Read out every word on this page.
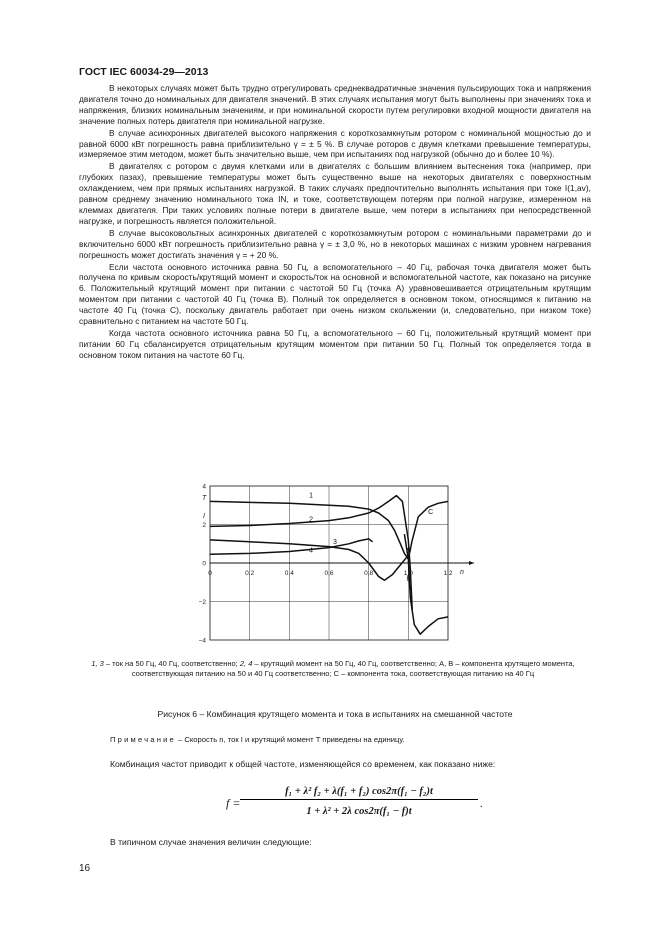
ГОСТ IEC 60034-29—2013

В некоторых случаях может быть трудно отрегулировать среднеквадратичные значения пульсирующих тока и напряжения двигателя точно до номинальных для двигателя значений. В этих случаях испытания могут быть выполнены при значениях тока и напряжения, близких номинальным значениям, и при номинальной скорости путем регулировки входной мощности двигателя на значение полных потерь двигателя при номинальной нагрузке.

В случае асинхронных двигателей высокого напряжения с короткозамкнутым ротором с номинальной мощностью до и равной 6000 кВт погрешность равна приблизительно γ = ± 5 %. В случае роторов с двумя клетками превышение температуры, измеряемое этим методом, может быть значительно выше, чем при испытаниях под нагрузкой (обычно до и более 10 %).

В двигателях с ротором с двумя клетками или в двигателях с большим влиянием вытеснения тока (например, при глубоких пазах), превышение температуры может быть существенно выше на некоторых двигателях с поверхностным охлаждением, чем при прямых испытаниях нагрузкой. В таких случаях предпочтительно выполнять испытания при токе I(1,av), равном среднему значению номинального тока IN, и токе, соответствующем потерям при полной нагрузке, измеренном на клеммах двигателя. При таких условиях полные потери в двигателе выше, чем потери в испытаниях при непосредственной нагрузке, и погрешность является положительной.

В случае высоковольтных асинхронных двигателей с короткозамкнутым ротором с номинальными параметрами до и включительно 6000 кВт погрешность приблизительно равна γ = ± 3,0 %, но в некоторых машинах с низким уровнем нагревания погрешность может достигать значения γ = + 20 %.

Если частота основного источника равна 50 Гц, а вспомогательного – 40 Гц, рабочая точка двигателя может быть получена по кривым скорость/крутящий момент и скорость/ток на основной и вспомогательной частоте, как показано на рисунке 6. Положительный крутящий момент при питании с частотой 50 Гц (точка A) уравновешивается отрицательным крутящим моментом при питании с частотой 40 Гц (точка B). Полный ток определяется в основном током, относящимся к питанию на частоте 40 Гц (точка C), поскольку двигатель работает при очень низком скольжении (и, следовательно, при низком токе) сравнительно с питанием на частоте 50 Гц.

Когда частота основного источника равна 50 Гц, а вспомогательного – 60 Гц, положительный крутящий момент при питании 60 Гц сбалансируется отрицательным крутящим моментом при питании 50 Гц. Полный ток определяется тогда в основном током питания на частоте 60 Гц.

0	0,2	0,4	0,6	0,8	1,0	1,2
4
2
0
−2
−4
n
T
I
1
2
3
4
C
A
B
1, 3 – ток на 50 Гц, 40 Гц, соответственно; 2, 4 – крутящий момент на 50 Гц, 40 Гц, соответственно; A, B – компонента крутящего момента, соответствующая питанию на 50 и 40 Гц соответственно; C – компонента тока, соответствующая питанию на 40 Гц
Рисунок 6 – Комбинация крутящего момента и тока в испытаниях на смешанной частоте
Примечание – Скорость n, ток I и крутящий момент T приведены на единицу.
Комбинация частот приводит к общей частоте, изменяющейся со временем, как показано ниже:
f =
f₁ + λ² f₂ + λ(f₁ + f₂) cos2π(f₁ − f₂)t
1 + λ² + 2λ cos2π(f₁ − f)t
.
В типичном случае значения величин следующие:
16
